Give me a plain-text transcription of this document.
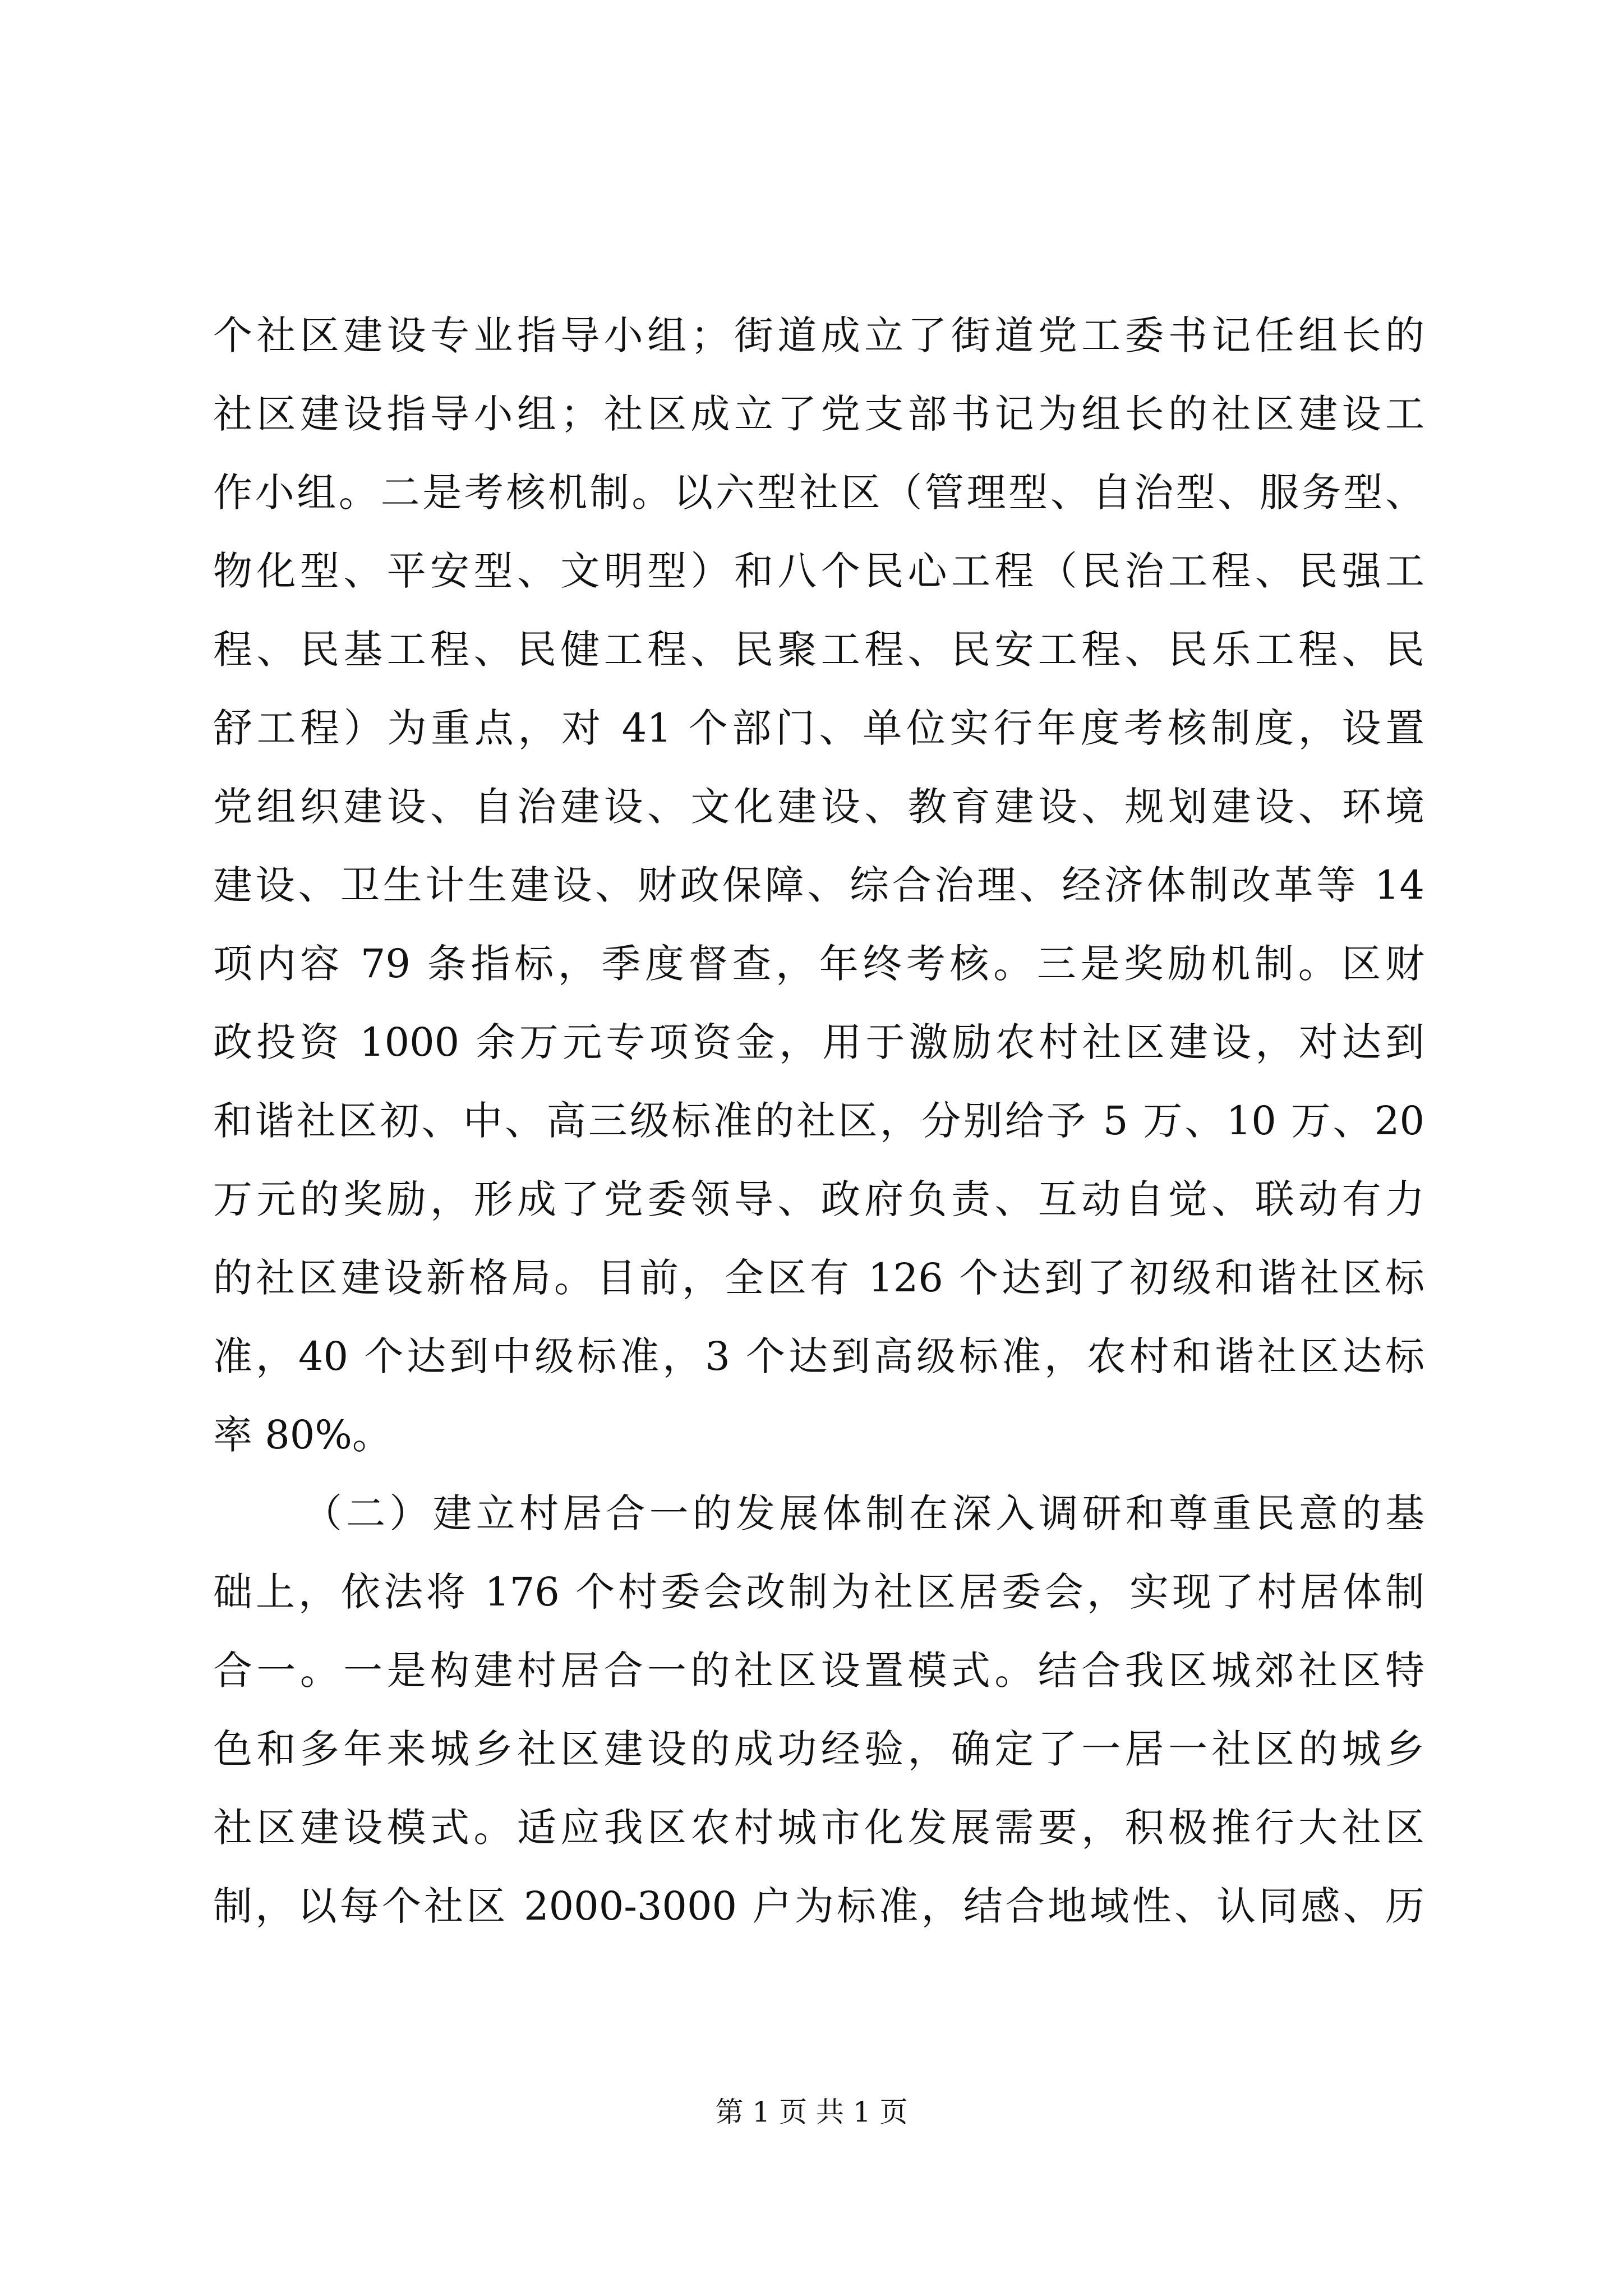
个社区建设专业指导小组；街道成立了街道党工委书记任组长的
社区建设指导小组；社区成立了党支部书记为组长的社区建设工
作小组。二是考核机制。以六型社区（管理型、自治型、服务型、
物化型、平安型、文明型）和八个民心工程（民治工程、民强工
程、民基工程、民健工程、民聚工程、民安工程、民乐工程、民
舒工程）为重点，对 41 个部门、单位实行年度考核制度，设置
党组织建设、自治建设、文化建设、教育建设、规划建设、环境
建设、卫生计生建设、财政保障、综合治理、经济体制改革等 14
项内容 79 条指标，季度督查，年终考核。三是奖励机制。区财
政投资 1000 余万元专项资金，用于激励农村社区建设，对达到
和谐社区初、中、高三级标准的社区，分别给予 5 万、10 万、20
万元的奖励，形成了党委领导、政府负责、互动自觉、联动有力
的社区建设新格局。目前，全区有 126 个达到了初级和谐社区标
准，40 个达到中级标准，3 个达到高级标准，农村和谐社区达标
率 80%。
（二）建立村居合一的发展体制在深入调研和尊重民意的基
础上，依法将 176 个村委会改制为社区居委会，实现了村居体制
合一。一是构建村居合一的社区设置模式。结合我区城郊社区特
色和多年来城乡社区建设的成功经验，确定了一居一社区的城乡
社区建设模式。适应我区农村城市化发展需要，积极推行大社区
制，以每个社区 2000-3000 户为标准，结合地域性、认同感、历
第 1 页 共 1 页
